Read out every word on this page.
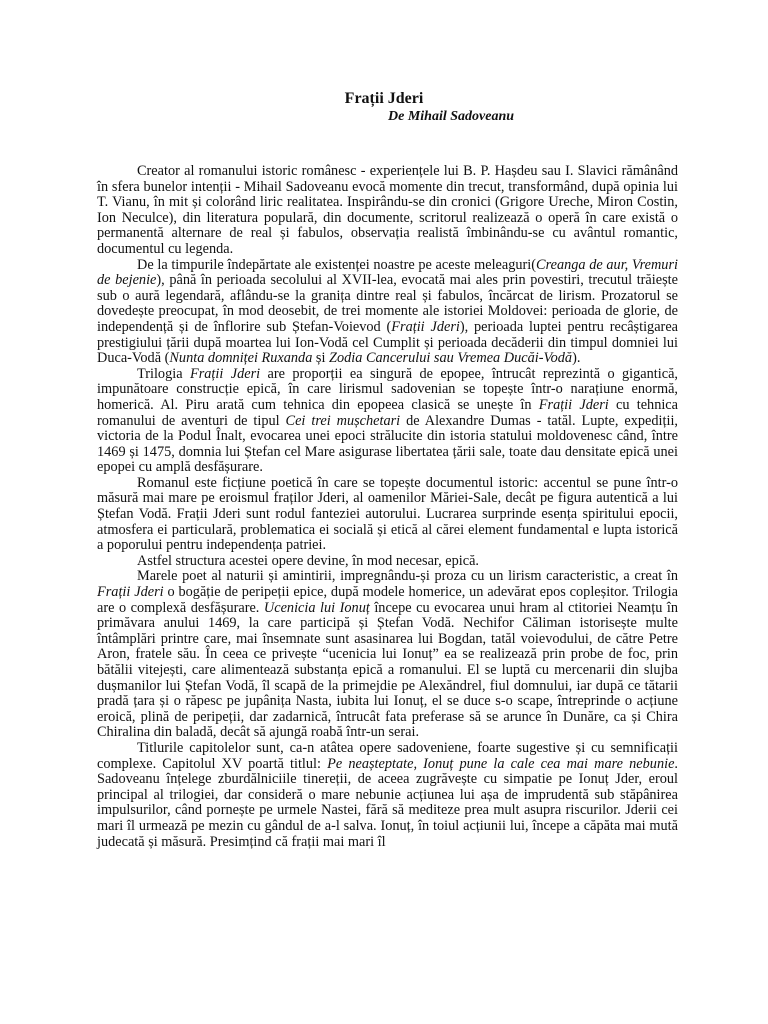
Frații Jderi
De Mihail Sadoveanu

Creator al romanului istoric românesc - experiențele lui B. P. Hașdeu sau I. Slavici rămânând în sfera bunelor intenții - Mihail Sadoveanu evocă momente din trecut, transformând, după opinia lui T. Vianu, în mit și colorând liric realitatea. Inspirându-se din cronici (Grigore Ureche, Miron Costin, Ion Neculce), din literatura populară, din documente, scritorul realizează o operă în care există o permanentă alternare de real și fabulos, observația realistă îmbinându-se cu avântul romantic, documentul cu legenda.

De la timpurile îndepărtate ale existenței noastre pe aceste meleaguri(Creanga de aur, Vremuri de bejenie), până în perioada secolului al XVII-lea, evocată mai ales prin povestiri, trecutul trăiește sub o aură legendară, aflându-se la granița dintre real și fabulos, încărcat de lirism. Prozatorul se dovedește preocupat, în mod deosebit, de trei momente ale istoriei Moldovei: perioada de glorie, de independență și de înflorire sub Ștefan-Voievod (Frații Jderi), perioada luptei pentru recâștigarea prestigiului țării după moartea lui Ion-Vodă cel Cumplit și perioada decăderii din timpul domniei lui Duca-Vodă (Nunta domniței Ruxanda și Zodia Cancerului sau Vremea Ducăi-Vodă).

Trilogia Frații Jderi are proporții ea singură de epopee, întrucât reprezintă o gigantică, impunătoare construcție epică, în care lirismul sadovenian se topește într-o narațiune enormă, homerică. Al. Piru arată cum tehnica din epopeea clasică se unește în Frații Jderi cu tehnica romanului de aventuri de tipul Cei trei mușchetari de Alexandre Dumas - tatăl. Lupte, expediții, victoria de la Podul Înalt, evocarea unei epoci strălucite din istoria statului moldovenesc când, între 1469 și 1475, domnia lui Ștefan cel Mare asigurase libertatea țării sale, toate dau densitate epică unei epopei cu amplă desfășurare.

Romanul este ficțiune poetică în care se topește documentul istoric: accentul se pune într-o măsură mai mare pe eroismul fraților Jderi, al oamenilor Măriei-Sale, decât pe figura autentică a lui Ștefan Vodă. Frații Jderi sunt rodul fanteziei autorului. Lucrarea surprinde esența spiritului epocii, atmosfera ei particulară, problematica ei socială și etică al cărei element fundamental e lupta istorică a poporului pentru independența patriei.

Astfel structura acestei opere devine, în mod necesar, epică.

Marele poet al naturii și amintirii, impregnându-și proza cu un lirism caracteristic, a creat în Frații Jderi o bogăție de peripeții epice, după modele homerice, un adevărat epos copleșitor. Trilogia are o complexă desfășurare. Ucenicia lui Ionuț începe cu evocarea unui hram al ctitoriei Neamțu în primăvara anului 1469, la care participă și Ștefan Vodă. Nechifor Căliman istorisește multe întâmplări printre care, mai însemnate sunt asasinarea lui Bogdan, tatăl voievodului, de către Petre Aron, fratele său. În ceea ce privește “ucenicia lui Ionuț” ea se realizează prin probe de foc, prin bătălii vitejești, care alimentează substanța epică a romanului. El se luptă cu mercenarii din slujba dușmanilor lui Ștefan Vodă, îl scapă de la primejdie pe Alexăndrel, fiul domnului, iar după ce tătarii pradă țara și o răpesc pe jupânița Nasta, iubita lui Ionuț, el se duce s-o scape, întreprinde o acțiune eroică, plină de peripeții, dar zadarnică, întrucât fata preferase să se arunce în Dunăre, ca și Chira Chiralina din baladă, decât să ajungă roabă într-un serai.

Titlurile capitolelor sunt, ca-n atâtea opere sadoveniene, foarte sugestive și cu semnificații complexe. Capitolul XV poartă titlul: Pe neașteptate, Ionuț pune la cale cea mai mare nebunie. Sadoveanu înțelege zburdălniciile tinereții, de aceea zugrăvește cu simpatie pe Ionuț Jder, eroul principal al trilogiei, dar consideră o mare nebunie acțiunea lui așa de imprudentă sub stăpânirea impulsurilor, când pornește pe urmele Nastei, fără să mediteze prea mult asupra riscurilor. Jderii cei mari îl urmează pe mezin cu gândul de a-l salva. Ionuț, în toiul acțiunii lui, începe a căpăta mai mută judecată și măsură. Presimțind că frații mai mari îl
